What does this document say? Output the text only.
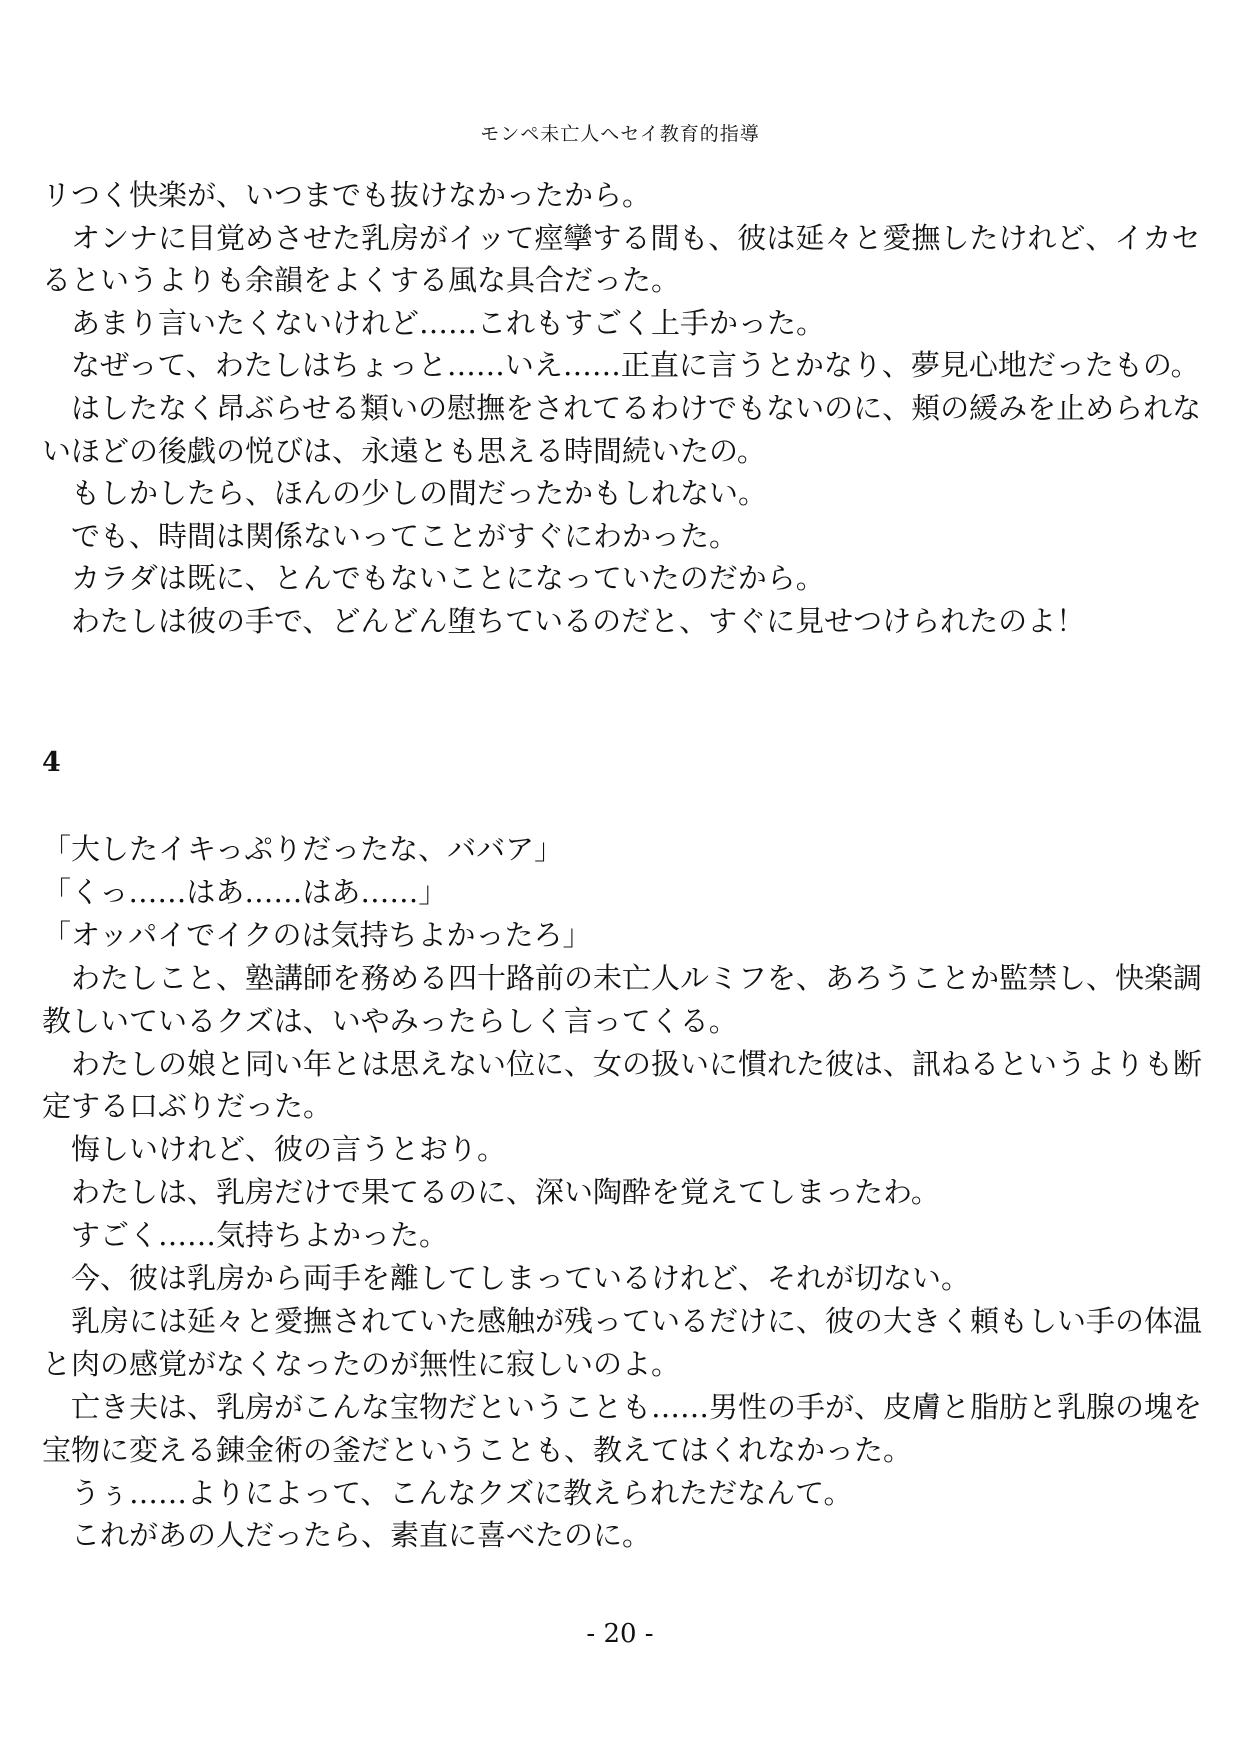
モンペ未亡人へセイ教育的指導
リつく快楽が、いつまでも抜けなかったから。
　オンナに目覚めさせた乳房がイッて痙攣する間も、彼は延々と愛撫したけれど、イカセ
るというよりも余韻をよくする風な具合だった。
　あまり言いたくないけれど……これもすごく上手かった。
　なぜって、わたしはちょっと……いえ……正直に言うとかなり、夢見心地だったもの。
　はしたなく昂ぶらせる類いの慰撫をされてるわけでもないのに、頬の緩みを止められな
いほどの後戯の悦びは、永遠とも思える時間続いたの。
　もしかしたら、ほんの少しの間だったかもしれない。
　でも、時間は関係ないってことがすぐにわかった。
　カラダは既に、とんでもないことになっていたのだから。
　わたしは彼の手で、どんどん堕ちているのだと、すぐに見せつけられたのよ！
4
「大したイキっぷりだったな、ババア」
「くっ……はあ……はあ……」
「オッパイでイクのは気持ちよかったろ」
　わたしこと、塾講師を務める四十路前の未亡人ルミフを、あろうことか監禁し、快楽調
教しいているクズは、いやみったらしく言ってくる。
　わたしの娘と同い年とは思えない位に、女の扱いに慣れた彼は、訊ねるというよりも断
定する口ぶりだった。
　悔しいけれど、彼の言うとおり。
　わたしは、乳房だけで果てるのに、深い陶酔を覚えてしまったわ。
　すごく……気持ちよかった。
　今、彼は乳房から両手を離してしまっているけれど、それが切ない。
　乳房には延々と愛撫されていた感触が残っているだけに、彼の大きく頼もしい手の体温
と肉の感覚がなくなったのが無性に寂しいのよ。
　亡き夫は、乳房がこんな宝物だということも……男性の手が、皮膚と脂肪と乳腺の塊を
宝物に変える錬金術の釜だということも、教えてはくれなかった。
　うぅ……よりによって、こんなクズに教えられただなんて。
　これがあの人だったら、素直に喜べたのに。
- 20 -
